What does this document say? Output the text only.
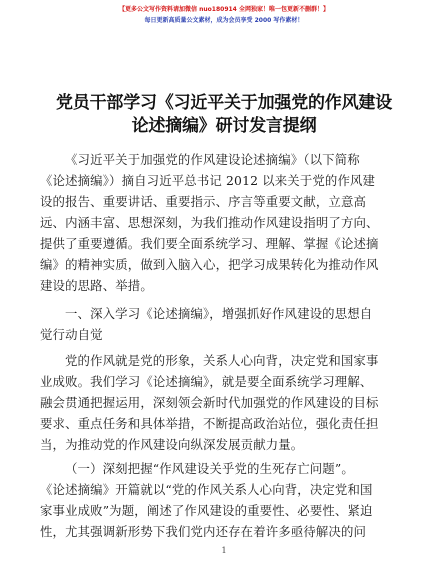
【更多公文写作资料请加微信 nuo180914 全网独家！唯一包更新不删群！】
每日更新高质量公文素材，成为会员享受 2000 写作素材！
党员干部学习《习近平关于加强党的作风建设
论述摘编》研讨发言提纲
《习近平关于加强党的作风建设论述摘编》（以下简称
《论述摘编》）摘自习近平总书记 2012 以来关于党的作风建
设的报告、重要讲话、重要指示、序言等重要文献，立意高
远、内涵丰富、思想深刻，为我们推动作风建设指明了方向、
提供了重要遵循。我们要全面系统学习、理解、掌握《论述摘
编》的精神实质，做到入脑入心，把学习成果转化为推动作风
建设的思路、举措。
一、深入学习《论述摘编》，增强抓好作风建设的思想自
觉行动自觉
党的作风就是党的形象，关系人心向背，决定党和国家事
业成败。我们学习《论述摘编》，就是要全面系统学习理解、
融会贯通把握运用，深刻领会新时代加强党的作风建设的目标
要求、重点任务和具体举措，不断提高政治站位，强化责任担
当，为推动党的作风建设向纵深发展贡献力量。
（一）深刻把握“作风建设关乎党的生死存亡问题”。
《论述摘编》开篇就以“党的作风关系人心向背，决定党和国
家事业成败”为题，阐述了作风建设的重要性、必要性、紧迫
性，尤其强调新形势下我们党内还存在着许多亟待解决的问
1
